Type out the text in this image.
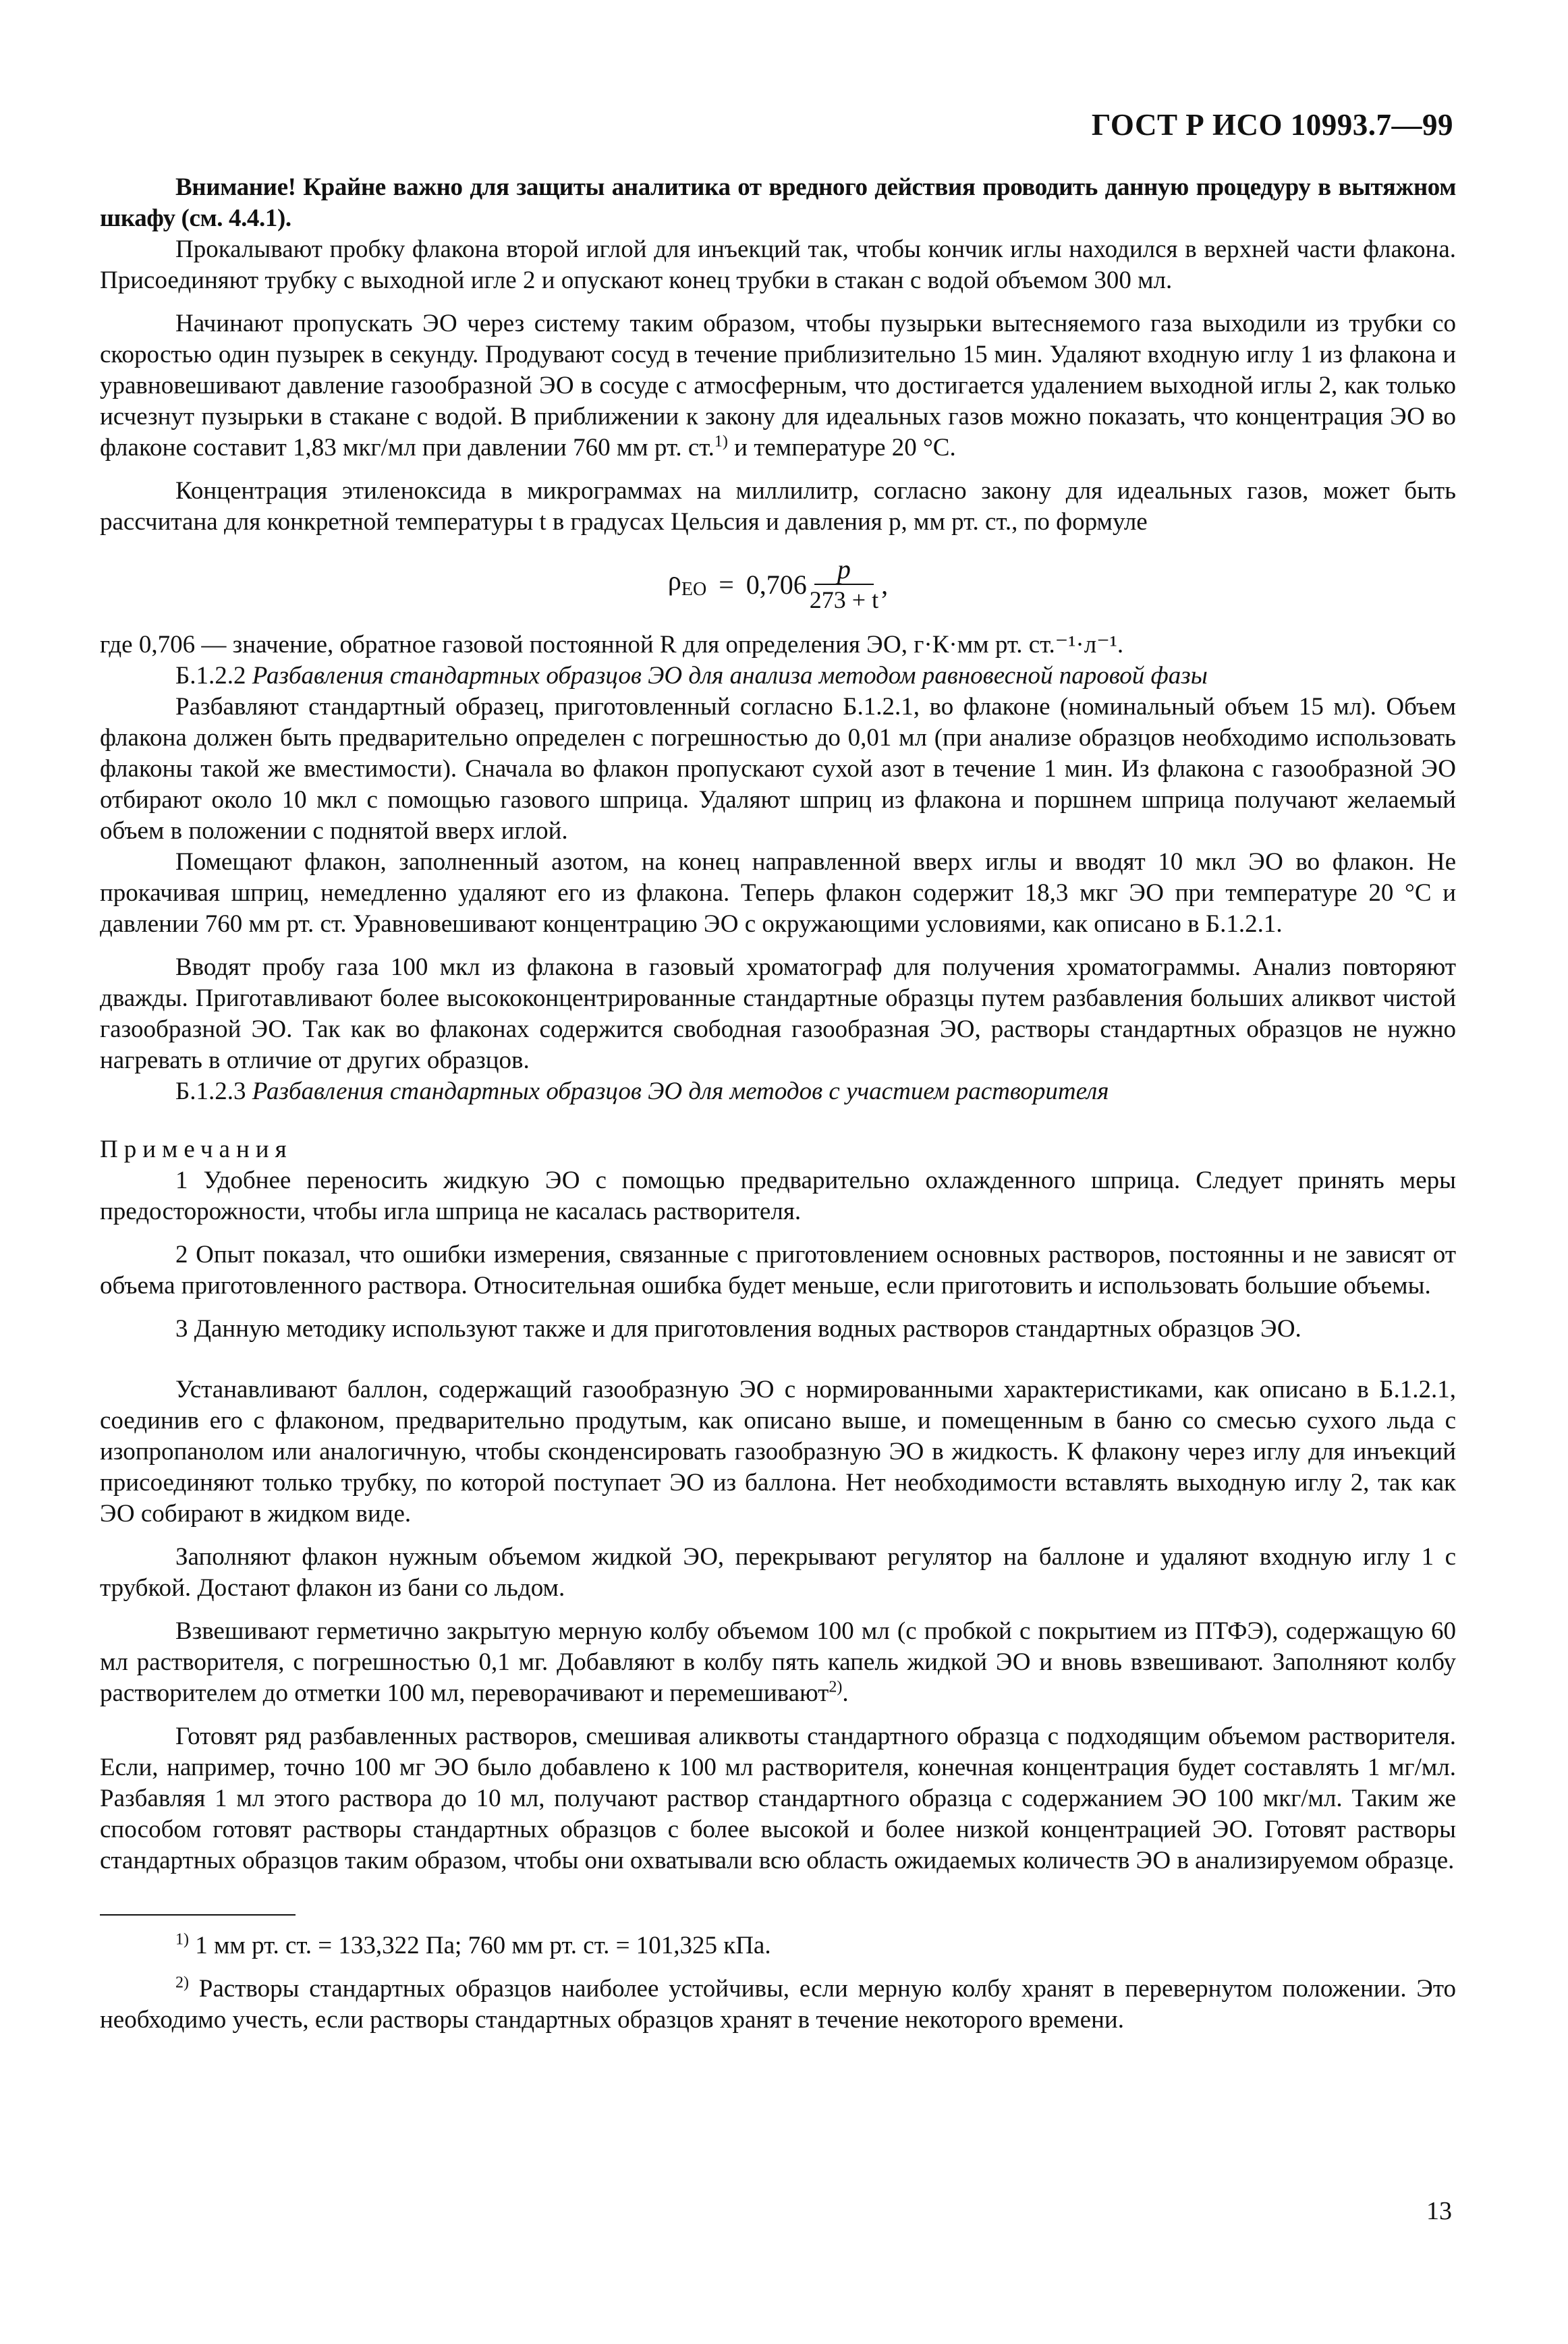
ГОСТ Р ИСО 10993.7—99

Внимание! Крайне важно для защиты аналитика от вредного действия проводить данную процедуру в вытяжном шкафу (см. 4.4.1).

Прокалывают пробку флакона второй иглой для инъекций так, чтобы кончик иглы находился в верхней части флакона. Присоединяют трубку с выходной игле 2 и опускают конец трубки в стакан с водой объемом 300 мл.

Начинают пропускать ЭО через систему таким образом, чтобы пузырьки вытесняемого газа выходили из трубки со скоростью один пузырек в секунду. Продувают сосуд в течение приблизительно 15 мин. Удаляют входную иглу 1 из флакона и уравновешивают давление газообразной ЭО в сосуде с атмосферным, что достигается удалением выходной иглы 2, как только исчезнут пузырьки в стакане с водой. В приближении к закону для идеальных газов можно показать, что концентрация ЭО во флаконе составит 1,83 мкг/мл при давлении 760 мм рт. ст.$^{1)}$ и температуре 20 °С.

Концентрация этиленоксида в микрограммах на миллилитр, согласно закону для идеальных газов, может быть рассчитана для конкретной температуры t в градусах Цельсия и давления p, мм рт. ст., по формуле

$\rho_{EO} = 0,706 \frac{p}{273 + t}$ ,

где 0,706 — значение, обратное газовой постоянной R для определения ЭО, г·К·мм рт. ст.⁻¹·л⁻¹.

Б.1.2.2 Разбавления стандартных образцов ЭО для анализа методом равновесной паровой фазы

Разбавляют стандартный образец, приготовленный согласно Б.1.2.1, во флаконе (номинальный объем 15 мл). Объем флакона должен быть предварительно определен с погрешностью до 0,01 мл (при анализе образцов необходимо использовать флаконы такой же вместимости). Сначала во флакон пропускают сухой азот в течение 1 мин. Из флакона с газообразной ЭО отбирают около 10 мкл с помощью газового шприца. Удаляют шприц из флакона и поршнем шприца получают желаемый объем в положении с поднятой вверх иглой.

Помещают флакон, заполненный азотом, на конец направленной вверх иглы и вводят 10 мкл ЭО во флакон. Не прокачивая шприц, немедленно удаляют его из флакона. Теперь флакон содержит 18,3 мкг ЭО при температуре 20 °С и давлении 760 мм рт. ст. Уравновешивают концентрацию ЭО с окружающими условиями, как описано в Б.1.2.1.

Вводят пробу газа 100 мкл из флакона в газовый хроматограф для получения хроматограммы. Анализ повторяют дважды. Приготавливают более высококонцентрированные стандартные образцы путем разбавления больших аликвот чистой газообразной ЭО. Так как во флаконах содержится свободная газообразная ЭО, растворы стандартных образцов не нужно нагревать в отличие от других образцов.

Б.1.2.3 Разбавления стандартных образцов ЭО для методов с участием растворителя

Примечания

1 Удобнее переносить жидкую ЭО с помощью предварительно охлажденного шприца. Следует принять меры предосторожности, чтобы игла шприца не касалась растворителя.

2 Опыт показал, что ошибки измерения, связанные с приготовлением основных растворов, постоянны и не зависят от объема приготовленного раствора. Относительная ошибка будет меньше, если приготовить и использовать большие объемы.

3 Данную методику используют также и для приготовления водных растворов стандартных образцов ЭО.

Устанавливают баллон, содержащий газообразную ЭО с нормированными характеристиками, как описано в Б.1.2.1, соединив его с флаконом, предварительно продутым, как описано выше, и помещенным в баню со смесью сухого льда с изопропанолом или аналогичную, чтобы сконденсировать газообразную ЭО в жидкость. К флакону через иглу для инъекций присоединяют только трубку, по которой поступает ЭО из баллона. Нет необходимости вставлять выходную иглу 2, так как ЭО собирают в жидком виде.

Заполняют флакон нужным объемом жидкой ЭО, перекрывают регулятор на баллоне и удаляют входную иглу 1 с трубкой. Достают флакон из бани со льдом.

Взвешивают герметично закрытую мерную колбу объемом 100 мл (с пробкой с покрытием из ПТФЭ), содержащую 60 мл растворителя, с погрешностью 0,1 мг. Добавляют в колбу пять капель жидкой ЭО и вновь взвешивают. Заполняют колбу растворителем до отметки 100 мл, переворачивают и перемешивают$^{2)}$.

Готовят ряд разбавленных растворов, смешивая аликвоты стандартного образца с подходящим объемом растворителя. Если, например, точно 100 мг ЭО было добавлено к 100 мл растворителя, конечная концентрация будет составлять 1 мг/мл. Разбавляя 1 мл этого раствора до 10 мл, получают раствор стандартного образца с содержанием ЭО 100 мкг/мл. Таким же способом готовят растворы стандартных образцов с более высокой и более низкой концентрацией ЭО. Готовят растворы стандартных образцов таким образом, чтобы они охватывали всю область ожидаемых количеств ЭО в анализируемом образце.

$^{1)}$ 1 мм рт. ст. = 133,322 Па; 760 мм рт. ст. = 101,325 кПа.

$^{2)}$ Растворы стандартных образцов наиболее устойчивы, если мерную колбу хранят в перевернутом положении. Это необходимо учесть, если растворы стандартных образцов хранят в течение некоторого времени.

13
